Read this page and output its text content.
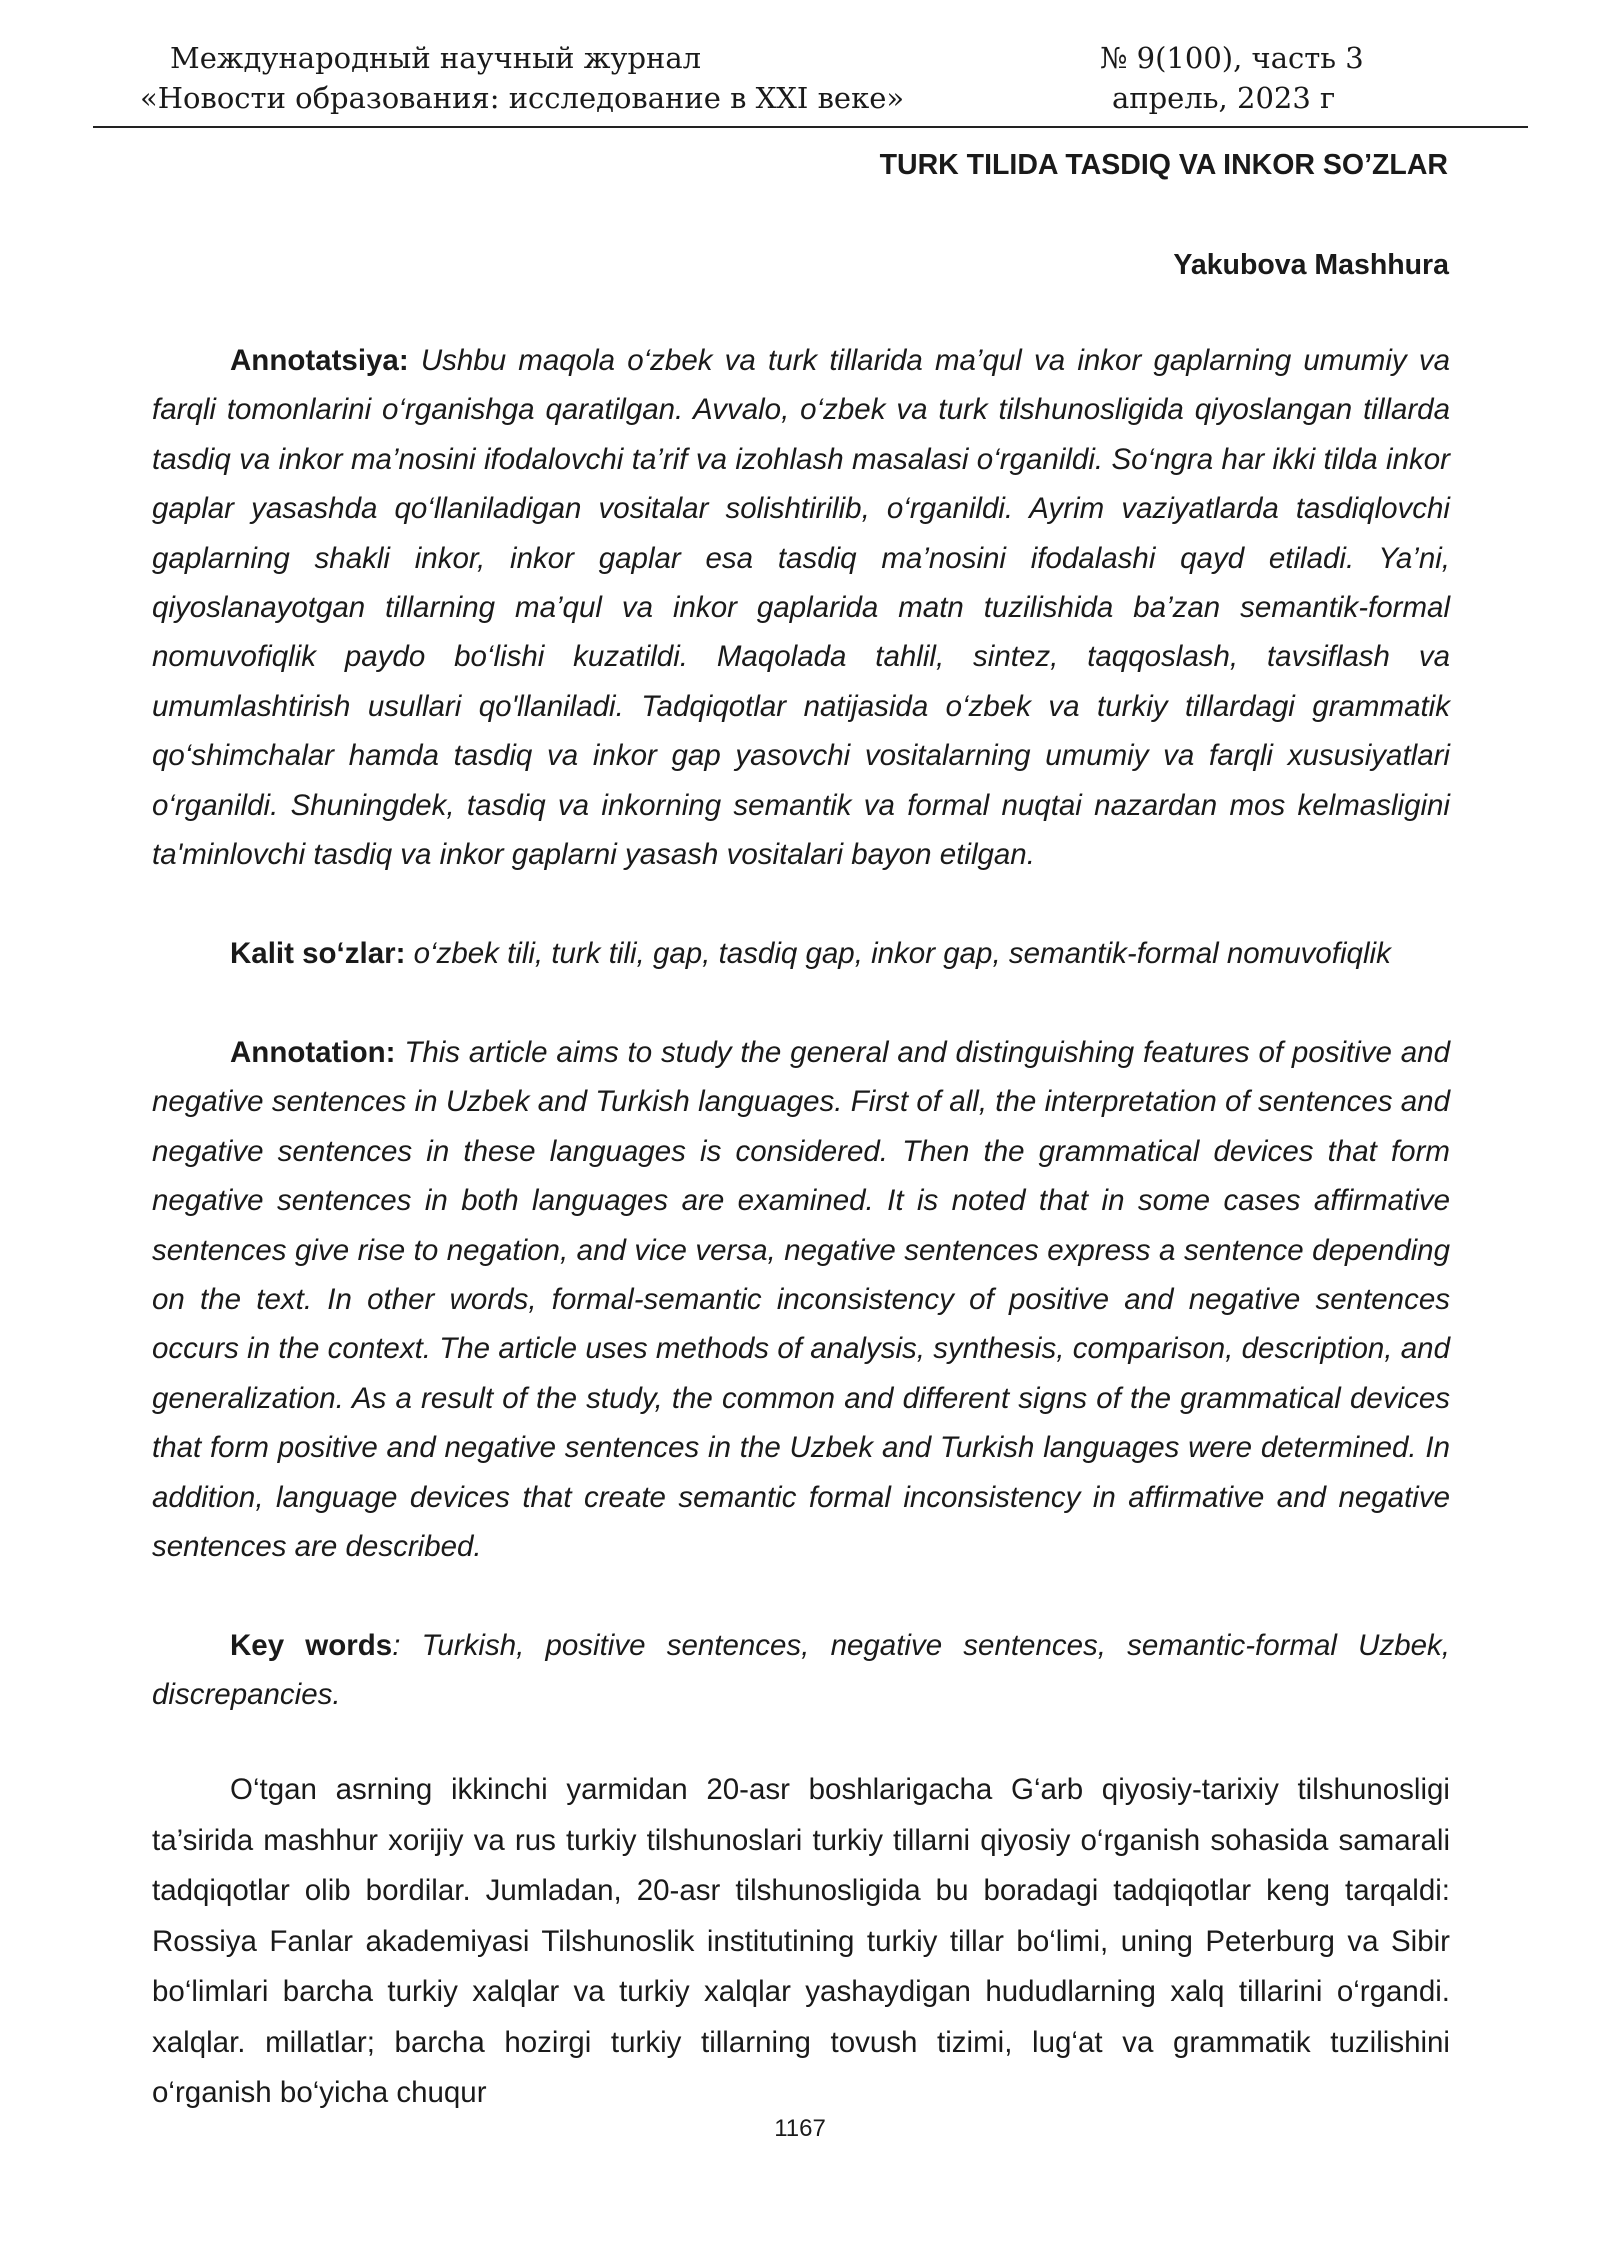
Международный научный журнал
«Новости образования: исследование в XXI веке»
№ 9(100), часть 3
апрель, 2023 г
TURK TILIDA TASDIQ VA INKOR SO’ZLAR
Yakubova Mashhura
Annotatsiya: Ushbu maqola o‘zbek va turk tillarida ma’qul va inkor gaplarning umumiy va farqli tomonlarini o‘rganishga qaratilgan. Avvalo, o‘zbek va turk tilshunosligida qiyoslangan tillarda tasdiq va inkor ma’nosini ifodalovchi ta’rif va izohlash masalasi o‘rganildi. So‘ngra har ikki tilda inkor gaplar yasashda qo‘llaniladigan vositalar solishtirilib, o‘rganildi. Ayrim vaziyatlarda tasdiqlovchi gaplarning shakli inkor, inkor gaplar esa tasdiq ma’nosini ifodalashi qayd etiladi. Ya’ni, qiyoslanayotgan tillarning ma’qul va inkor gaplarida matn tuzilishida ba’zan semantik-formal nomuvofiqlik paydo bo‘lishi kuzatildi. Maqolada tahlil, sintez, taqqoslash, tavsiflash va umumlashtirish usullari qo'llaniladi. Tadqiqotlar natijasida o‘zbek va turkiy tillardagi grammatik qo‘shimchalar hamda tasdiq va inkor gap yasovchi vositalarning umumiy va farqli xususiyatlari o‘rganildi. Shuningdek, tasdiq va inkorning semantik va formal nuqtai nazardan mos kelmasligini ta'minlovchi tasdiq va inkor gaplarni yasash vositalari bayon etilgan.
Kalit so‘zlar: o‘zbek tili, turk tili, gap, tasdiq gap, inkor gap, semantik-formal nomuvofiqlik
Annotation: This article aims to study the general and distinguishing features of positive and negative sentences in Uzbek and Turkish languages. First of all, the interpretation of sentences and negative sentences in these languages is considered. Then the grammatical devices that form negative sentences in both languages are examined. It is noted that in some cases affirmative sentences give rise to negation, and vice versa, negative sentences express a sentence depending on the text. In other words, formal-semantic inconsistency of positive and negative sentences occurs in the context. The article uses methods of analysis, synthesis, comparison, description, and generalization. As a result of the study, the common and different signs of the grammatical devices that form positive and negative sentences in the Uzbek and Turkish languages were determined. In addition, language devices that create semantic formal inconsistency in affirmative and negative sentences are described.
Key words: Turkish, positive sentences, negative sentences, semantic-formal Uzbek, discrepancies.
O‘tgan asrning ikkinchi yarmidan 20-asr boshlarigacha G‘arb qiyosiy-tarixiy tilshunosligi ta’sirida mashhur xorijiy va rus turkiy tilshunoslari turkiy tillarni qiyosiy o‘rganish sohasida samarali tadqiqotlar olib bordilar. Jumladan, 20-asr tilshunosligida bu boradagi tadqiqotlar keng tarqaldi: Rossiya Fanlar akademiyasi Tilshunoslik institutining turkiy tillar bo‘limi, uning Peterburg va Sibir bo‘limlari barcha turkiy xalqlar va turkiy xalqlar yashaydigan hududlarning xalq tillarini o‘rgandi. xalqlar. millatlar; barcha hozirgi turkiy tillarning tovush tizimi, lug‘at va grammatik tuzilishini o‘rganish bo‘yicha chuqur
1167
